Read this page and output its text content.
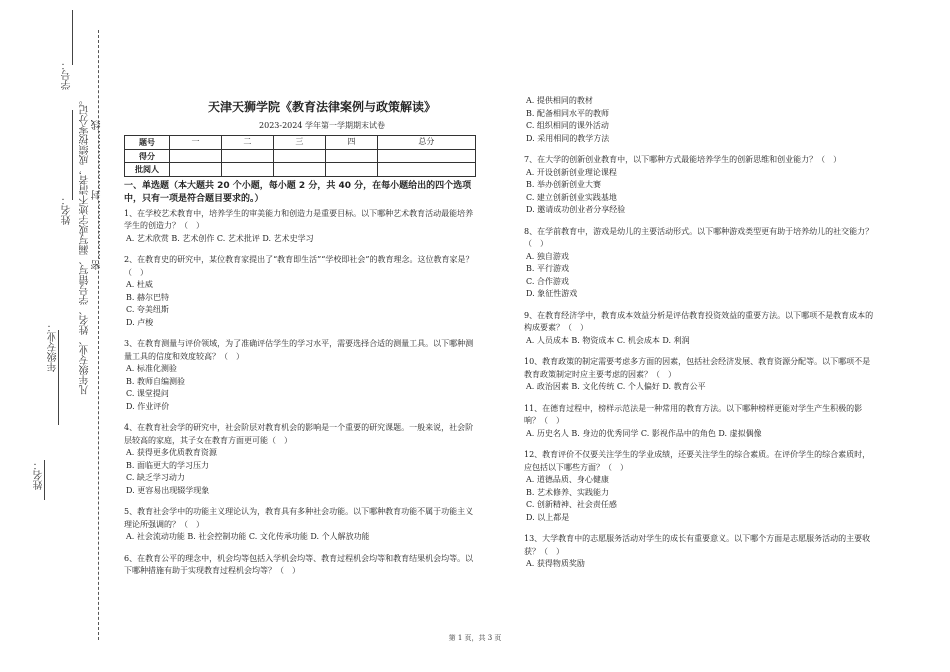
姓名：
年级专业：
姓名：
学号：
凡年级专业、姓名、学号错写、漏写或字迹不清者，成绩按零分记。 密………………封………………线
天津天狮学院《教育法律案例与政策解读》
2023-2024 学年第一学期期末试卷
题号	一	二	三	四	总分
得分					
批阅人					
一、单选题（本大题共 20 个小题，每小题 2 分，共 40 分，在每小题给出的四个选项中，只有一项是符合题目要求的。）
1、在学校艺术教育中，培养学生的审美能力和创造力是重要目标。以下哪种艺术教育活动最能培养学生的创造力？（　）
A. 艺术欣赏 B. 艺术创作 C. 艺术批评 D. 艺术史学习
2、在教育史的研究中，某位教育家提出了“教育即生活”“学校即社会”的教育理念。这位教育家是？（　）
A. 杜威
B. 赫尔巴特
C. 夸美纽斯
D. 卢梭
3、在教育测量与评价领域，为了准确评估学生的学习水平，需要选择合适的测量工具。以下哪种测量工具的信度和效度较高？（　）
A. 标准化测验
B. 教师自编测验
C. 课堂提问
D. 作业评价
4、在教育社会学的研究中，社会阶层对教育机会的影响是一个重要的研究课题。一般来说，社会阶层较高的家庭，其子女在教育方面更可能（　）
A. 获得更多优质教育资源
B. 面临更大的学习压力
C. 缺乏学习动力
D. 更容易出现辍学现象
5、教育社会学中的功能主义理论认为，教育具有多种社会功能。以下哪种教育功能不属于功能主义理论所强调的？（　）
A. 社会流动功能 B. 社会控制功能 C. 文化传承功能 D. 个人解放功能
6、在教育公平的理念中，机会均等包括入学机会均等、教育过程机会均等和教育结果机会均等。以下哪种措施有助于实现教育过程机会均等？（　）
A. 提供相同的教材
B. 配备相同水平的教师
C. 组织相同的课外活动
D. 采用相同的教学方法
7、在大学的创新创业教育中，以下哪种方式最能培养学生的创新思维和创业能力？（　）
A. 开设创新创业理论课程
B. 举办创新创业大赛
C. 建立创新创业实践基地
D. 邀请成功创业者分享经验
8、在学前教育中，游戏是幼儿的主要活动形式。以下哪种游戏类型更有助于培养幼儿的社交能力？（　）
A. 独自游戏
B. 平行游戏
C. 合作游戏
D. 象征性游戏
9、在教育经济学中，教育成本效益分析是评估教育投资效益的重要方法。以下哪项不是教育成本的构成要素？（　）
A. 人员成本 B. 物资成本 C. 机会成本 D. 利润
10、教育政策的制定需要考虑多方面的因素，包括社会经济发展、教育资源分配等。以下哪项不是教育政策制定时应主要考虑的因素？（　）
A. 政治因素 B. 文化传统 C. 个人偏好 D. 教育公平
11、在德育过程中，榜样示范法是一种常用的教育方法。以下哪种榜样更能对学生产生积极的影响？（　）
A. 历史名人 B. 身边的优秀同学 C. 影视作品中的角色 D. 虚拟偶像
12、教育评价不仅要关注学生的学业成绩，还要关注学生的综合素质。在评价学生的综合素质时，应包括以下哪些方面？（　）
A. 道德品质、身心健康
B. 艺术修养、实践能力
C. 创新精神、社会责任感
D. 以上都是
13、大学教育中的志愿服务活动对学生的成长有重要意义。以下哪个方面是志愿服务活动的主要收获？（　）
A. 获得物质奖励
第 1 页，共 3 页
